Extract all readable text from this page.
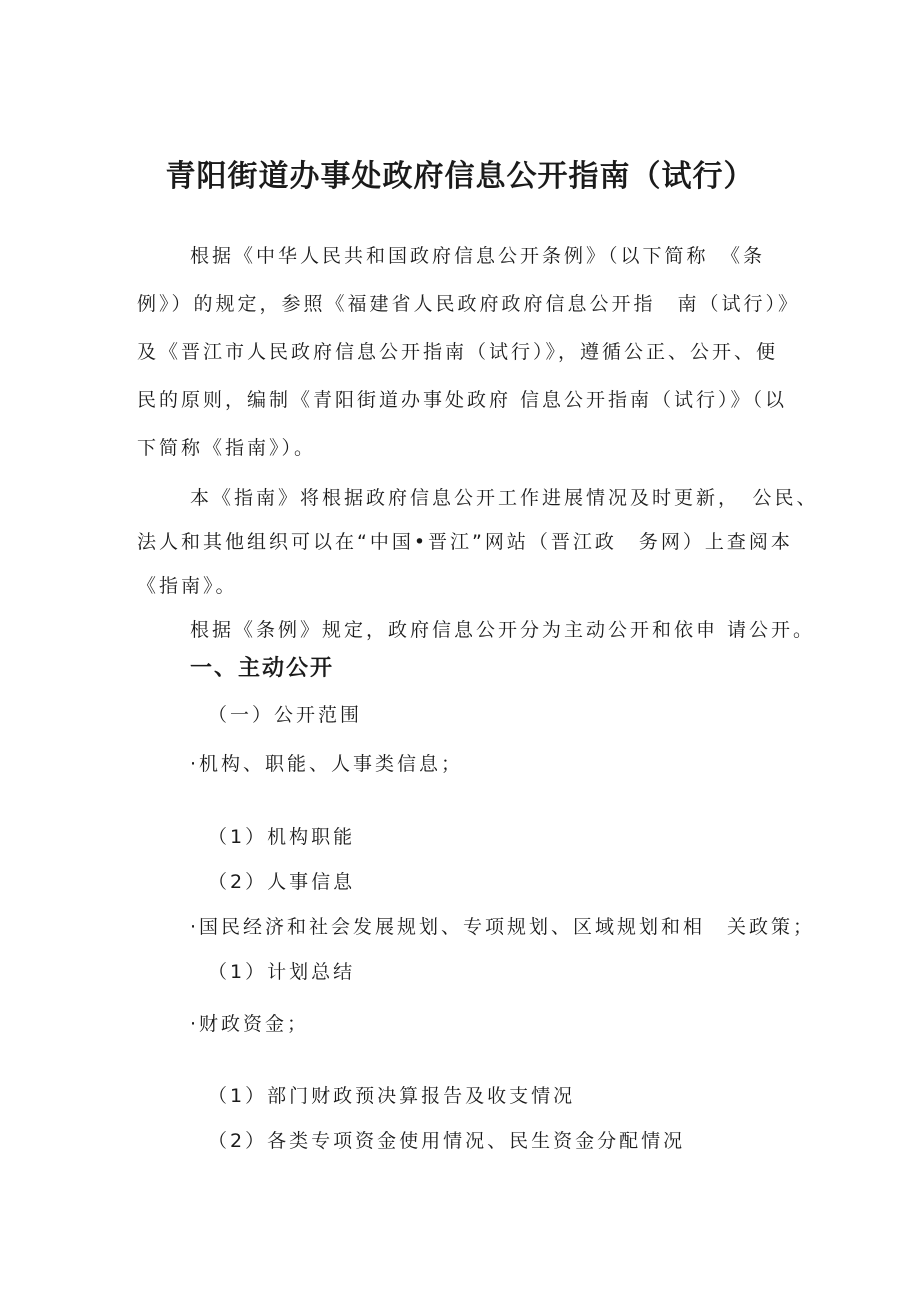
青阳街道办事处政府信息公开指南（试行）
根据《中华人民共和国政府信息公开条例》（以下简称　《条
例》）的规定，参照《福建省人民政府政府信息公开指　南（试行）》
及《晋江市人民政府信息公开指南（试行）》，遵循公正、公开、便
民的原则，编制《青阳街道办事处政府 信息公开指南（试行）》（以
下简称《指南》）。
本《指南》将根据政府信息公开工作进展情况及时更新，　公民、
法人和其他组织可以在“中国•晋江”网站（晋江政　务网）上查阅本
《指南》。
根据《条例》规定，政府信息公开分为主动公开和依申 请公开。
一、主动公开
（一）公开范围
·机构、职能、人事类信息；
（1）机构职能
（2）人事信息
·国民经济和社会发展规划、专项规划、区域规划和相　关政策；
（1）计划总结
·财政资金；
（1）部门财政预决算报告及收支情况
（2）各类专项资金使用情况、民生资金分配情况
